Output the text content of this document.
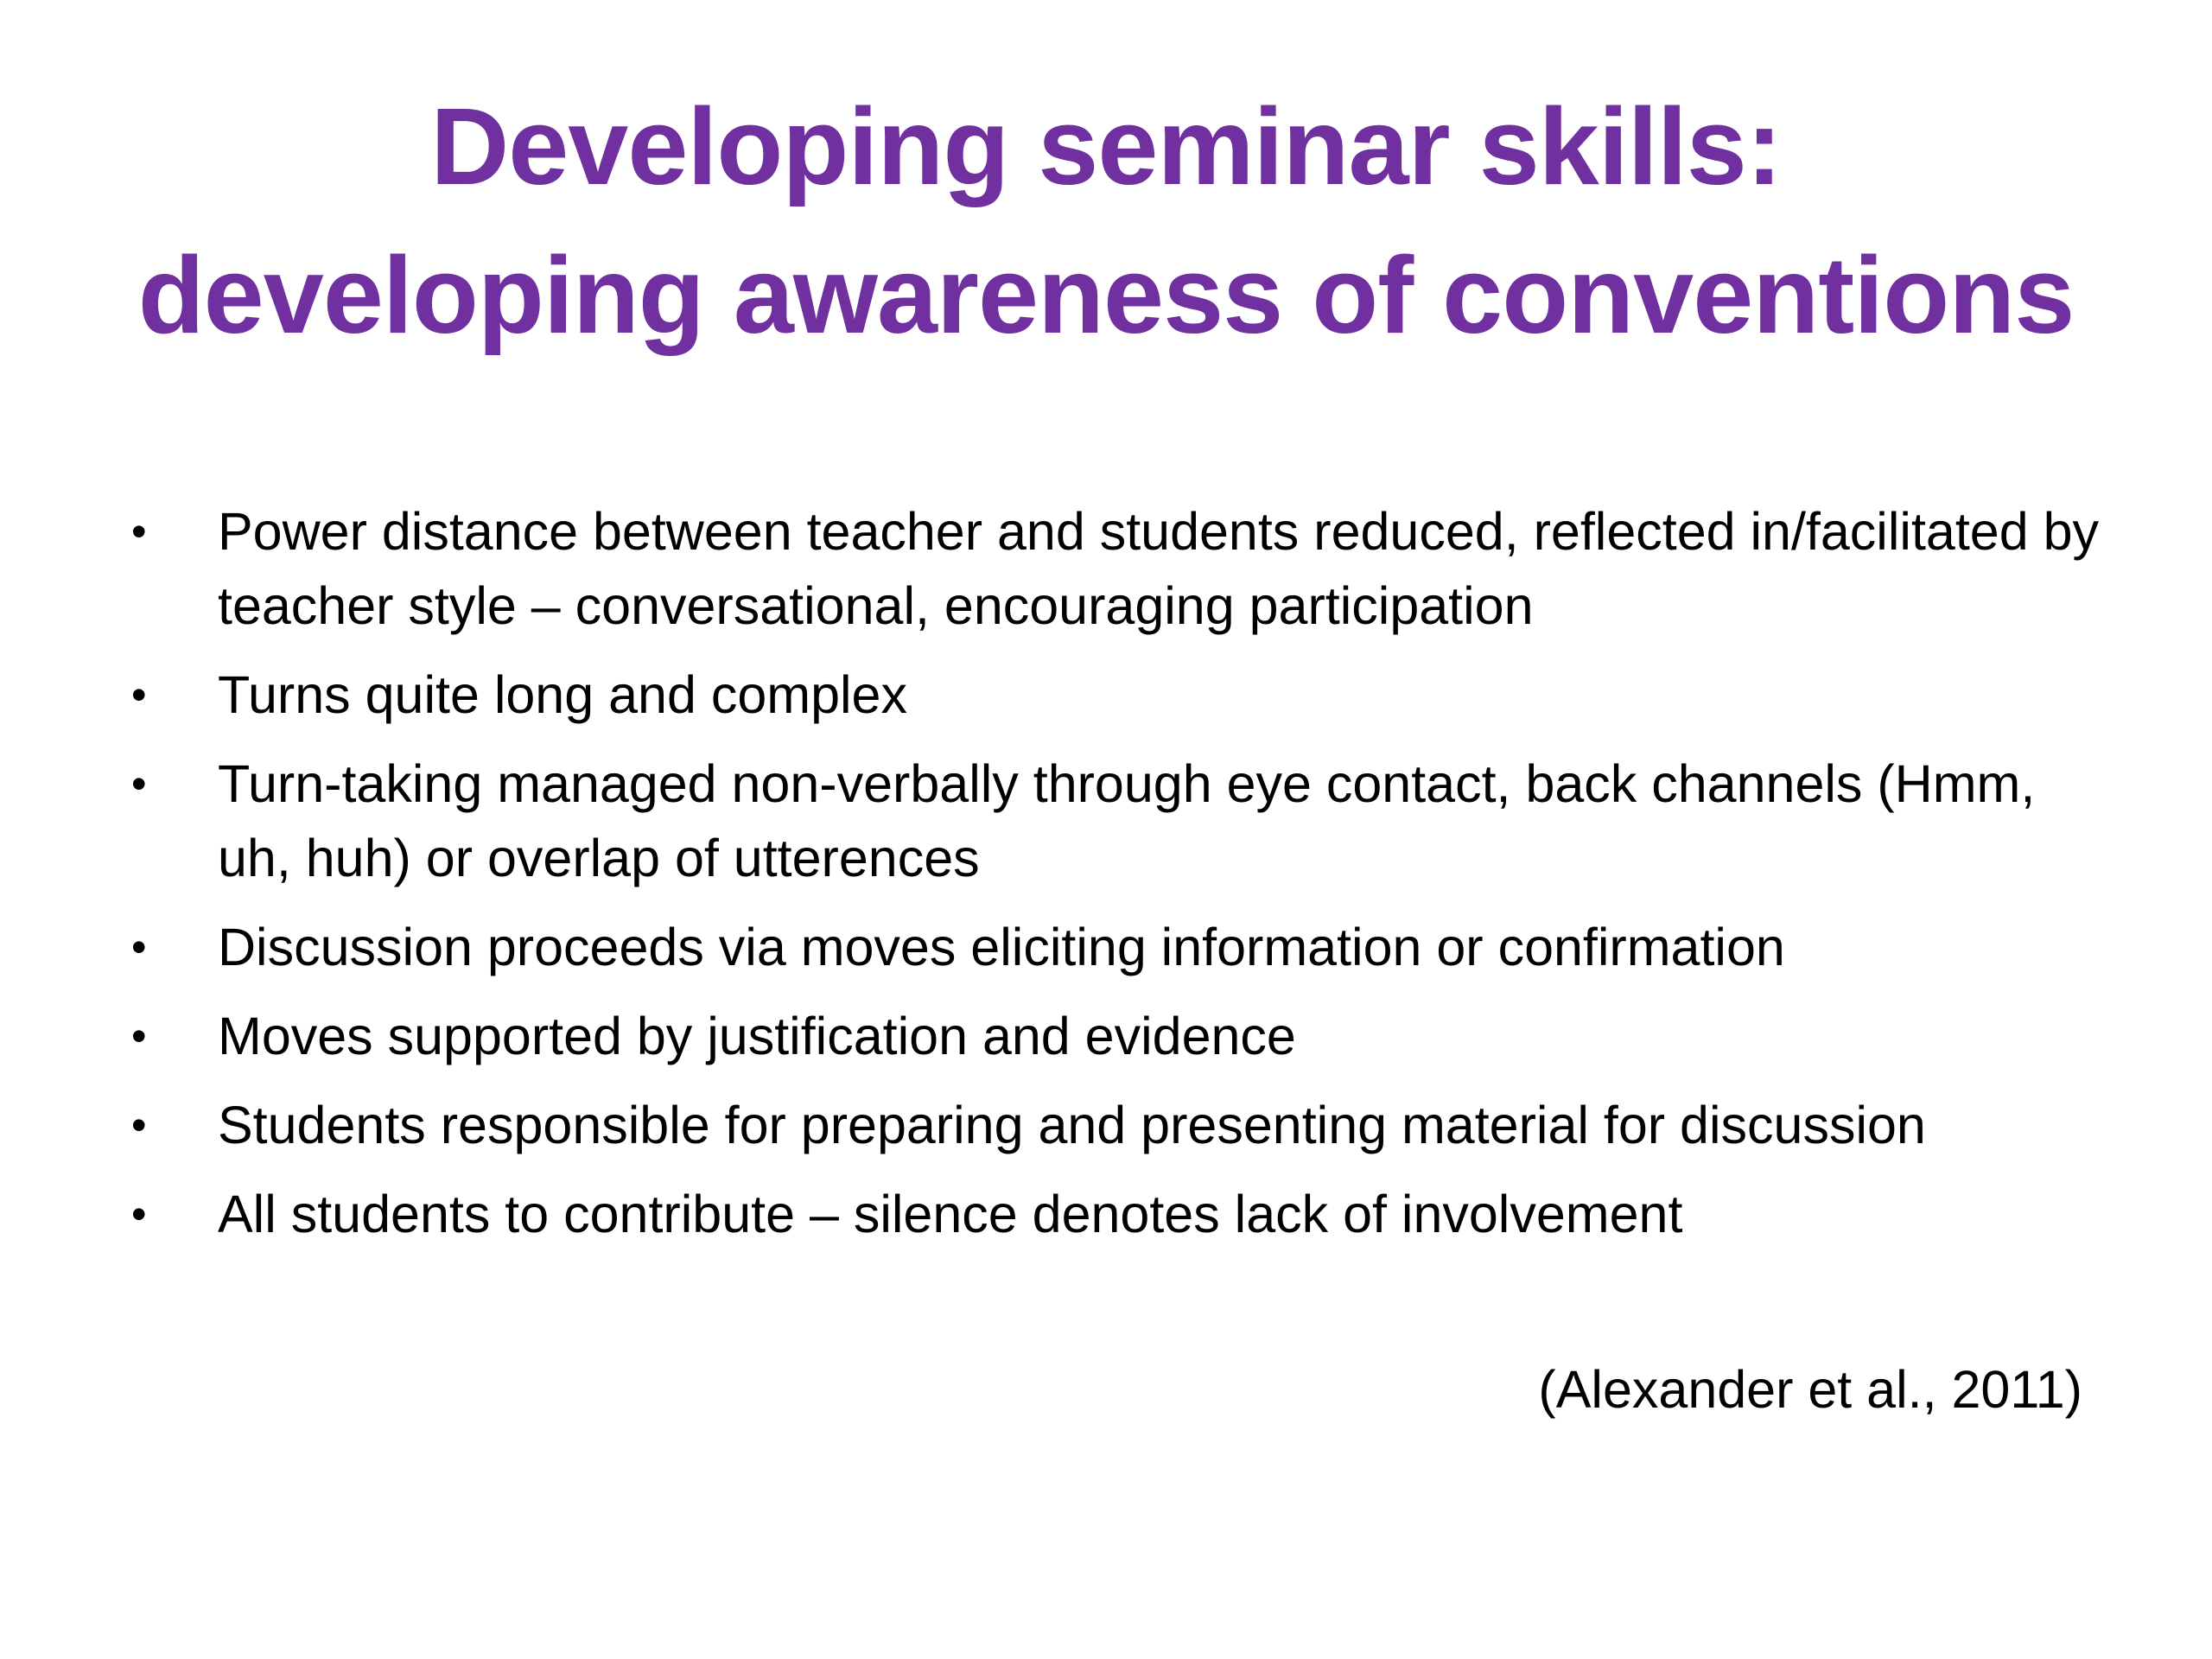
Developing seminar skills:
developing awareness of conventions
• Power distance between teacher and students reduced, reflected in/facilitated by teacher style – conversational, encouraging participation
• Turns quite long and complex
• Turn-taking managed non-verbally through eye contact, back channels (Hmm, uh, huh) or overlap of utterences
• Discussion proceeds via moves eliciting information or confirmation
• Moves supported by justification and evidence
• Students responsible for preparing and presenting material for discussion
• All students to contribute – silence denotes lack of involvement
(Alexander et al., 2011)
